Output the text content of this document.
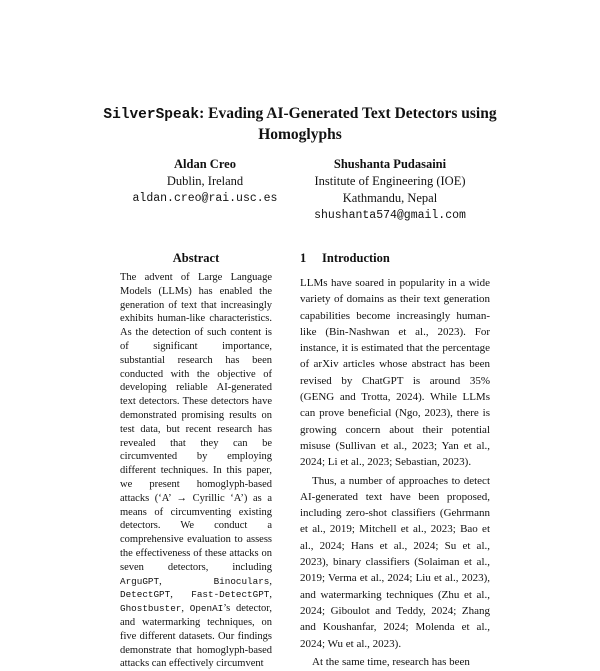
SilverSpeak: Evading AI-Generated Text Detectors using Homoglyphs
Aldan Creo
Dublin, Ireland
aldan.creo@rai.usc.es
Shushanta Pudasaini
Institute of Engineering (IOE)
Kathmandu, Nepal
shushanta574@gmail.com
Abstract
The advent of Large Language Models (LLMs) has enabled the generation of text that increasingly exhibits human-like characteristics. As the detection of such content is of significant importance, substantial research has been conducted with the objective of developing reliable AI-generated text detectors. These detectors have demonstrated promising results on test data, but recent research has revealed that they can be circumvented by employing different techniques. In this paper, we present homoglyph-based attacks (‘A’ → Cyrillic ‘А’) as a means of circumventing existing detectors. We conduct a comprehensive evaluation to assess the effectiveness of these attacks on seven detectors, including ArguGPT, Binoculars, DetectGPT, Fast-DetectGPT, Ghostbuster, OpenAI’s detector, and watermarking techniques, on five different datasets. Our findings demonstrate that homoglyph-based attacks can effectively circumvent
1 Introduction

LLMs have soared in popularity in a wide variety of domains as their text generation capabilities become increasingly human-like (Bin-Nashwan et al., 2023). For instance, it is estimated that the percentage of arXiv articles whose abstract has been revised by ChatGPT is around 35% (GENG and Trotta, 2024). While LLMs can prove beneficial (Ngo, 2023), there is growing concern about their potential misuse (Sullivan et al., 2023; Yan et al., 2024; Li et al., 2023; Sebastian, 2023).

Thus, a number of approaches to detect AI-generated text have been proposed, including zero-shot classifiers (Gehrmann et al., 2019; Mitchell et al., 2023; Bao et al., 2024; Hans et al., 2024; Su et al., 2023), binary classifiers (Solaiman et al., 2019; Verma et al., 2024; Liu et al., 2023), and watermarking techniques (Zhu et al., 2024; Giboulot and Teddy, 2024; Zhang and Koushanfar, 2024; Molenda et al., 2024; Wu et al., 2023).

At the same time, research has been
